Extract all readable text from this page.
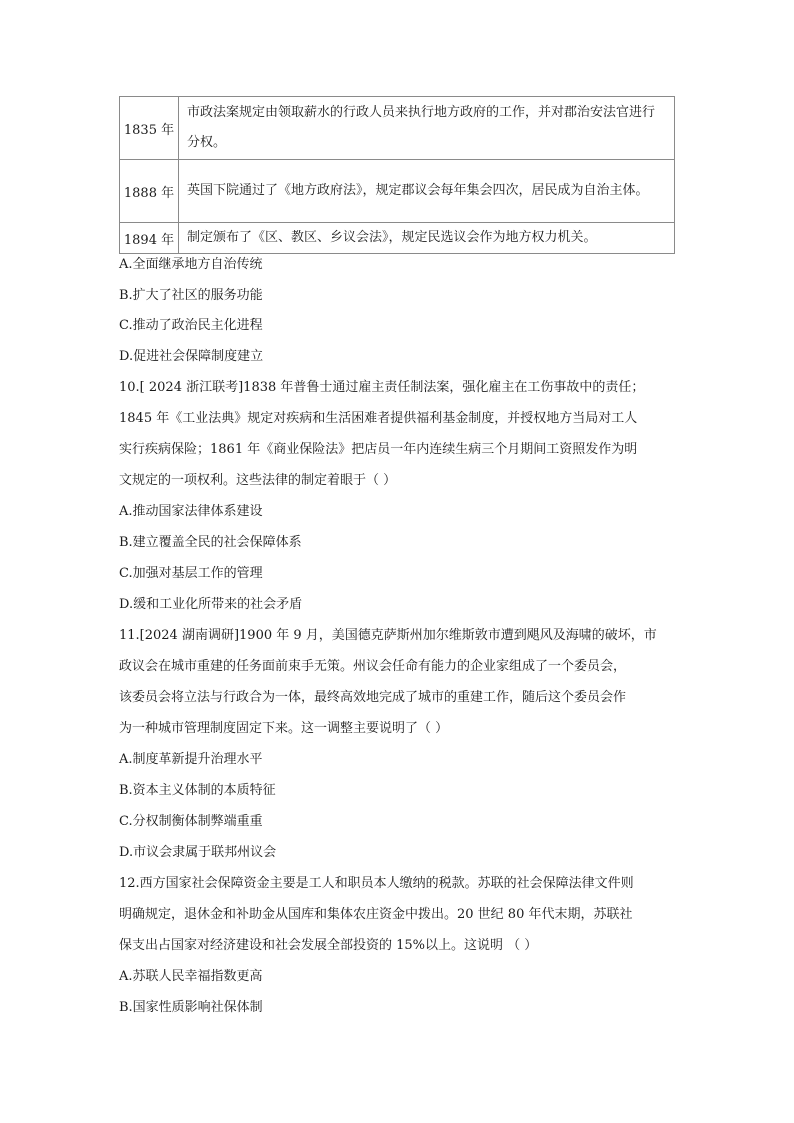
1835 年	市政法案规定由领取薪水的行政人员来执行地方政府的工作，并对郡治安法官进行分权。
1888 年	英国下院通过了《地方政府法》，规定郡议会每年集会四次，居民成为自治主体。
1894 年	制定颁布了《区、教区、乡议会法》，规定民选议会作为地方权力机关。
A.全面继承地方自治传统
B.扩大了社区的服务功能
C.推动了政治民主化进程
D.促进社会保障制度建立
10.[ 2024 浙江联考]1838 年普鲁士通过雇主责任制法案，强化雇主在工伤事故中的责任；
1845 年《工业法典》规定对疾病和生活困难者提供福利基金制度，并授权地方当局对工人
实行疾病保险；1861 年《商业保险法》把店员一年内连续生病三个月期间工资照发作为明
文规定的一项权利。这些法律的制定着眼于（ ）
A.推动国家法律体系建设
B.建立覆盖全民的社会保障体系
C.加强对基层工作的管理
D.缓和工业化所带来的社会矛盾
11.[2024 湖南调研]1900 年 9 月，美国德克萨斯州加尔维斯敦市遭到飓风及海啸的破坏，市
政议会在城市重建的任务面前束手无策。州议会任命有能力的企业家组成了一个委员会，
该委员会将立法与行政合为一体，最终高效地完成了城市的重建工作，随后这个委员会作
为一种城市管理制度固定下来。这一调整主要说明了（ ）
A.制度革新提升治理水平
B.资本主义体制的本质特征
C.分权制衡体制弊端重重
D.市议会隶属于联邦州议会
12.西方国家社会保障资金主要是工人和职员本人缴纳的税款。苏联的社会保障法律文件则
明确规定，退休金和补助金从国库和集体农庄资金中拨出。20 世纪 80 年代末期，苏联社
保支出占国家对经济建设和社会发展全部投资的 15%以上。这说明 （ ）
A.苏联人民幸福指数更高
B.国家性质影响社保体制
